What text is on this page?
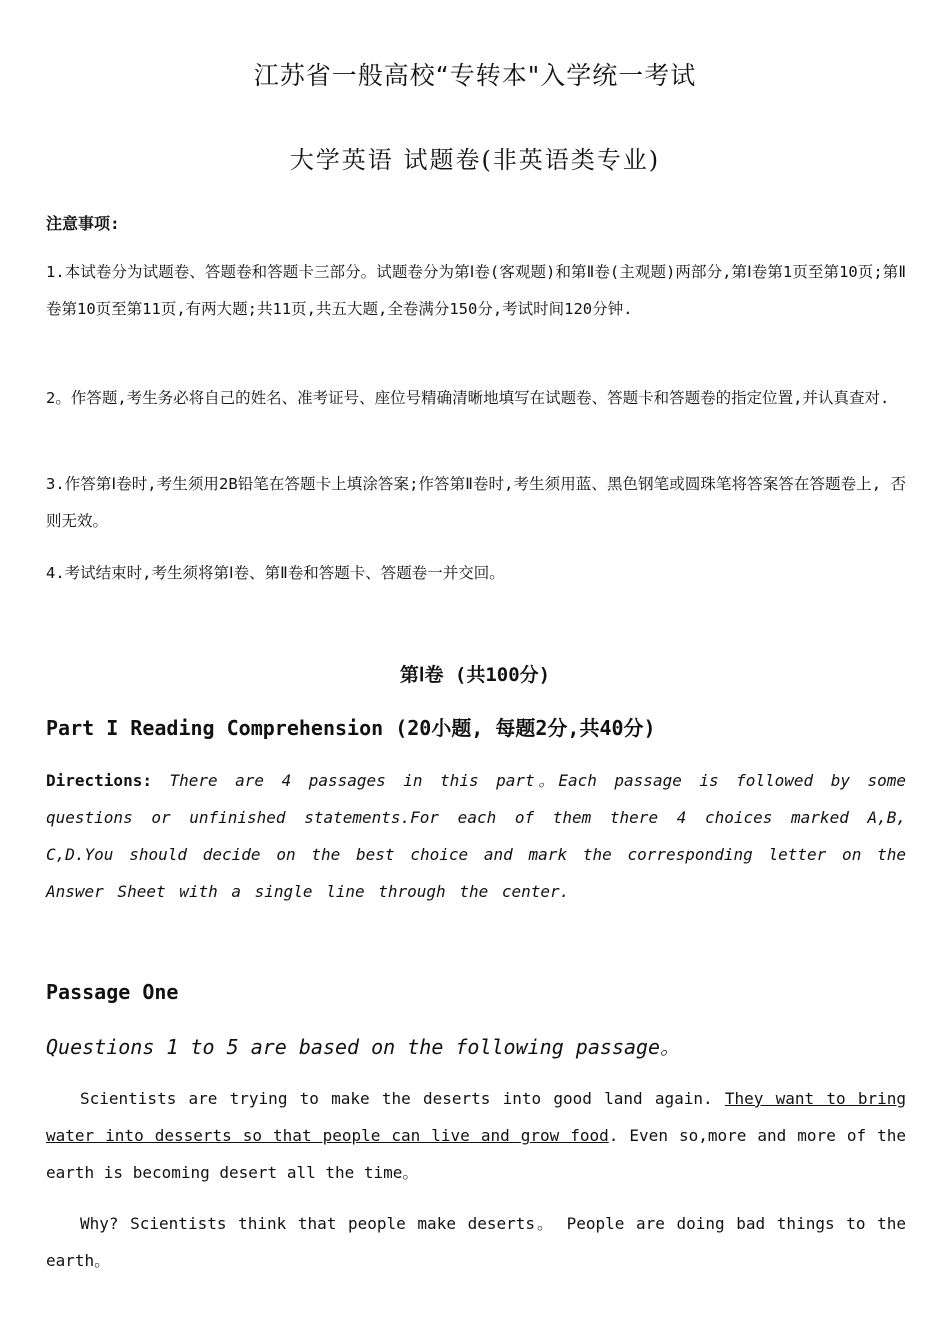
江苏省一般高校“专转本"入学统一考试
大学英语 试题卷(非英语类专业)
注意事项:
1.本试卷分为试题卷、答题卷和答题卡三部分。试题卷分为第Ⅰ卷(客观题)和第Ⅱ卷(主观题)两部分,第Ⅰ卷第1页至第10页;第Ⅱ卷第10页至第11页,有两大题;共11页,共五大题,全卷满分150分,考试时间120分钟.
2。作答题,考生务必将自己的姓名、准考证号、座位号精确清晰地填写在试题卷、答题卡和答题卷的指定位置,并认真查对.
3.作答第Ⅰ卷时,考生须用2B铅笔在答题卡上填涂答案;作答第Ⅱ卷时,考生须用蓝、黑色钢笔或圆珠笔将答案答在答题卷上, 否则无效。
4.考试结束时,考生须将第Ⅰ卷、第Ⅱ卷和答题卡、答题卷一并交回。
第Ⅰ卷 (共100分)
Part I Reading Comprehension (20小题, 每题2分,共40分)
Directions: There are 4 passages in this part。Each passage is followed by some questions or unfinished statements.For each of them there 4 choices marked A,B, C,D.You should decide on the best choice and mark the corresponding letter on the Answer Sheet with a single line through the center.
Passage One
Questions 1 to 5 are based on the following passage。
Scientists are trying to make the deserts into good land again. They want to bring water into desserts so that people can live and grow food. Even so,more and more of the earth is becoming desert all the time。
Why? Scientists think that people make deserts。 People are doing bad things to the earth。
